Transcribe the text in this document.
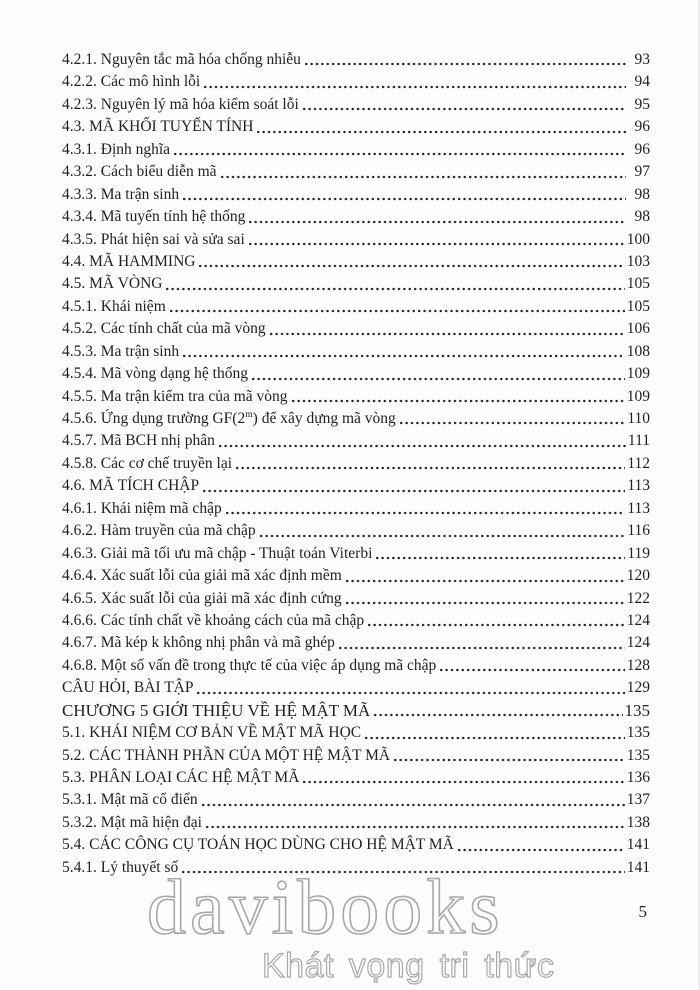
4.2.1. Nguyên tắc mã hóa chống nhiễu	93
4.2.2. Các mô hình lỗi	94
4.2.3. Nguyên lý mã hóa kiểm soát lỗi	95
4.3. MÃ KHỐI TUYẾN TÍNH	96
4.3.1. Định nghĩa	96
4.3.2. Cách biểu diễn mã	97
4.3.3. Ma trận sinh	98
4.3.4. Mã tuyến tính hệ thống	98
4.3.5. Phát hiện sai và sửa sai	100
4.4. MÃ HAMMING	103
4.5. MÃ VÒNG	105
4.5.1. Khái niệm	105
4.5.2. Các tính chất của mã vòng	106
4.5.3. Ma trận sinh	108
4.5.4. Mã vòng dạng hệ thống	109
4.5.5. Ma trận kiểm tra của mã vòng	109
4.5.6. Ứng dụng trường GF(2$^m$) để xây dựng mã vòng	110
4.5.7. Mã BCH nhị phân	111
4.5.8. Các cơ chế truyền lại	112
4.6. MÃ TÍCH CHẬP	113
4.6.1. Khái niệm mã chập	113
4.6.2. Hàm truyền của mã chập	116
4.6.3. Giải mã tối ưu mã chập - Thuật toán Viterbi	119
4.6.4. Xác suất lỗi của giải mã xác định mềm	120
4.6.5. Xác suất lỗi của giải mã xác định cứng	122
4.6.6. Các tính chất về khoảng cách của mã chập	124
4.6.7. Mã kép k không nhị phân và mã ghép	124
4.6.8. Một số vấn đề trong thực tế của việc áp dụng mã chập	128
CÂU HỎI, BÀI TẬP	129
CHƯƠNG 5 GIỚI THIỆU VỀ HỆ MẬT MÃ	135
5.1. KHÁI NIỆM CƠ BẢN VỀ MẬT MÃ HỌC	135
5.2. CÁC THÀNH PHẦN CỦA MỘT HỆ MẬT MÃ	135
5.3. PHÂN LOẠI CÁC HỆ MẬT MÃ	136
5.3.1. Mật mã cổ điển	137
5.3.2. Mật mã hiện đại	138
5.4. CÁC CÔNG CỤ TOÁN HỌC DÙNG CHO HỆ MẬT MÃ	141
5.4.1. Lý thuyết số	141
davibooks
Khát vọng tri thức
5
